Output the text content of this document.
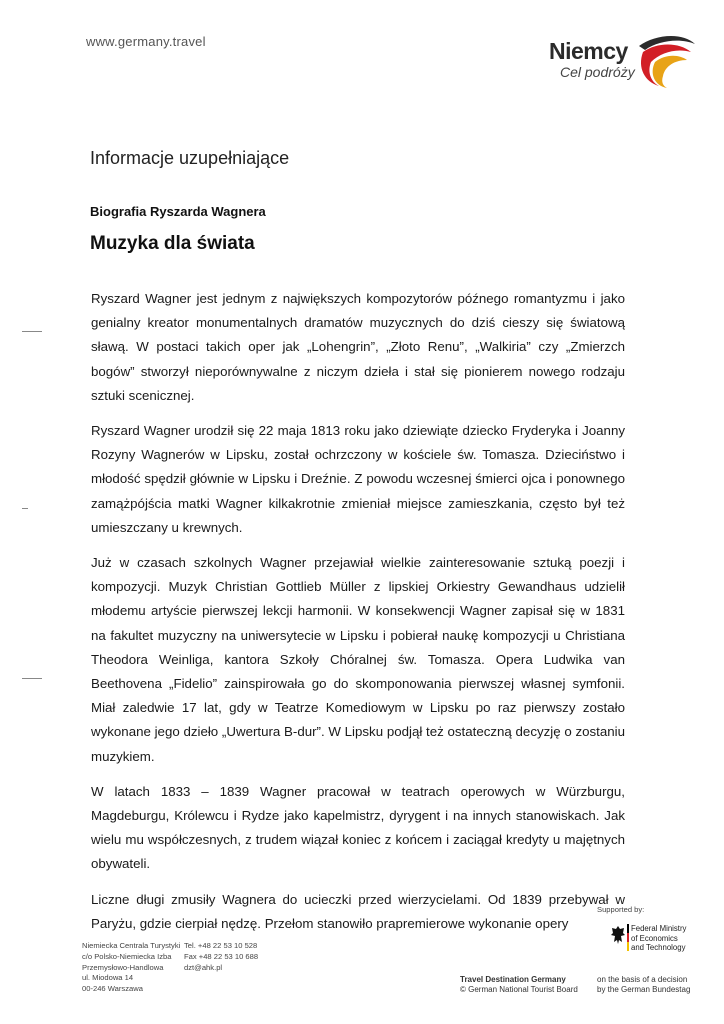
www.germany.travel	Niemcy
Cel podróży
Informacje uzupełniające
Biografia Ryszarda Wagnera
Muzyka dla świata

Ryszard Wagner jest jednym z największych kompozytorów późnego romantyzmu i jako genialny kreator monumentalnych dramatów muzycznych do dziś cieszy się światową sławą. W postaci takich oper jak „Lohengrin”, „Złoto Renu”, „Walkiria” czy „Zmierzch bogów” stworzył nieporównywalne z niczym dzieła i stał się pionierem nowego rodzaju sztuki scenicznej.

Ryszard Wagner urodził się 22 maja 1813 roku jako dziewiąte dziecko Fryderyka i Joanny Rozyny Wagnerów w Lipsku, został ochrzczony w kościele św. Tomasza. Dzieciństwo i młodość spędził głównie w Lipsku i Dreźnie. Z powodu wczesnej śmierci ojca i ponownego zamążpójścia matki Wagner kilkakrotnie zmieniał miejsce zamieszkania, często był też umieszczany u krewnych.

Już w czasach szkolnych Wagner przejawiał wielkie zainteresowanie sztuką poezji i kompozycji. Muzyk Christian Gottlieb Müller z lipskiej Orkiestry Gewandhaus udzielił młodemu artyście pierwszej lekcji harmonii. W konsekwencji Wagner zapisał się w 1831 na fakultet muzyczny na uniwersytecie w Lipsku i pobierał naukę kompozycji u Christiana Theodora Weinliga, kantora Szkoły Chóralnej św. Tomasza. Opera Ludwika van Beethovena „Fidelio” zainspirowała go do skomponowania pierwszej własnej symfonii. Miał zaledwie 17 lat, gdy w Teatrze Komediowym w Lipsku po raz pierwszy zostało wykonane jego dzieło „Uwertura B-dur”. W Lipsku podjął też ostateczną decyzję o zostaniu muzykiem.

W latach 1833 – 1839 Wagner pracował w teatrach operowych w Würzburgu, Magdeburgu, Królewcu i Rydze jako kapelmistrz, dyrygent i na innych stanowiskach. Jak wielu mu współczesnych, z trudem wiązał koniec z końcem i zaciągał kredyty u majętnych obywateli.

Liczne długi zmusiły Wagnera do ucieczki przed wierzycielami. Od 1839 przebywał w Paryżu, gdzie cierpiał nędzę. Przełom stanowiło prapremierowe wykonanie opery

Niemiecka Centrala Turystyki
c/o Polsko-Niemiecka Izba
Przemysłowo-Handlowa
ul. Miodowa 14
00-246 Warszawa
Tel. +48 22 53 10 528
Fax +48 22 53 10 688
dzt@ahk.pl
Supported by:
Federal Ministry
of Economics
and Technology
Travel Destination Germany
© German National Tourist Board
on the basis of a decision
by the German Bundestag
